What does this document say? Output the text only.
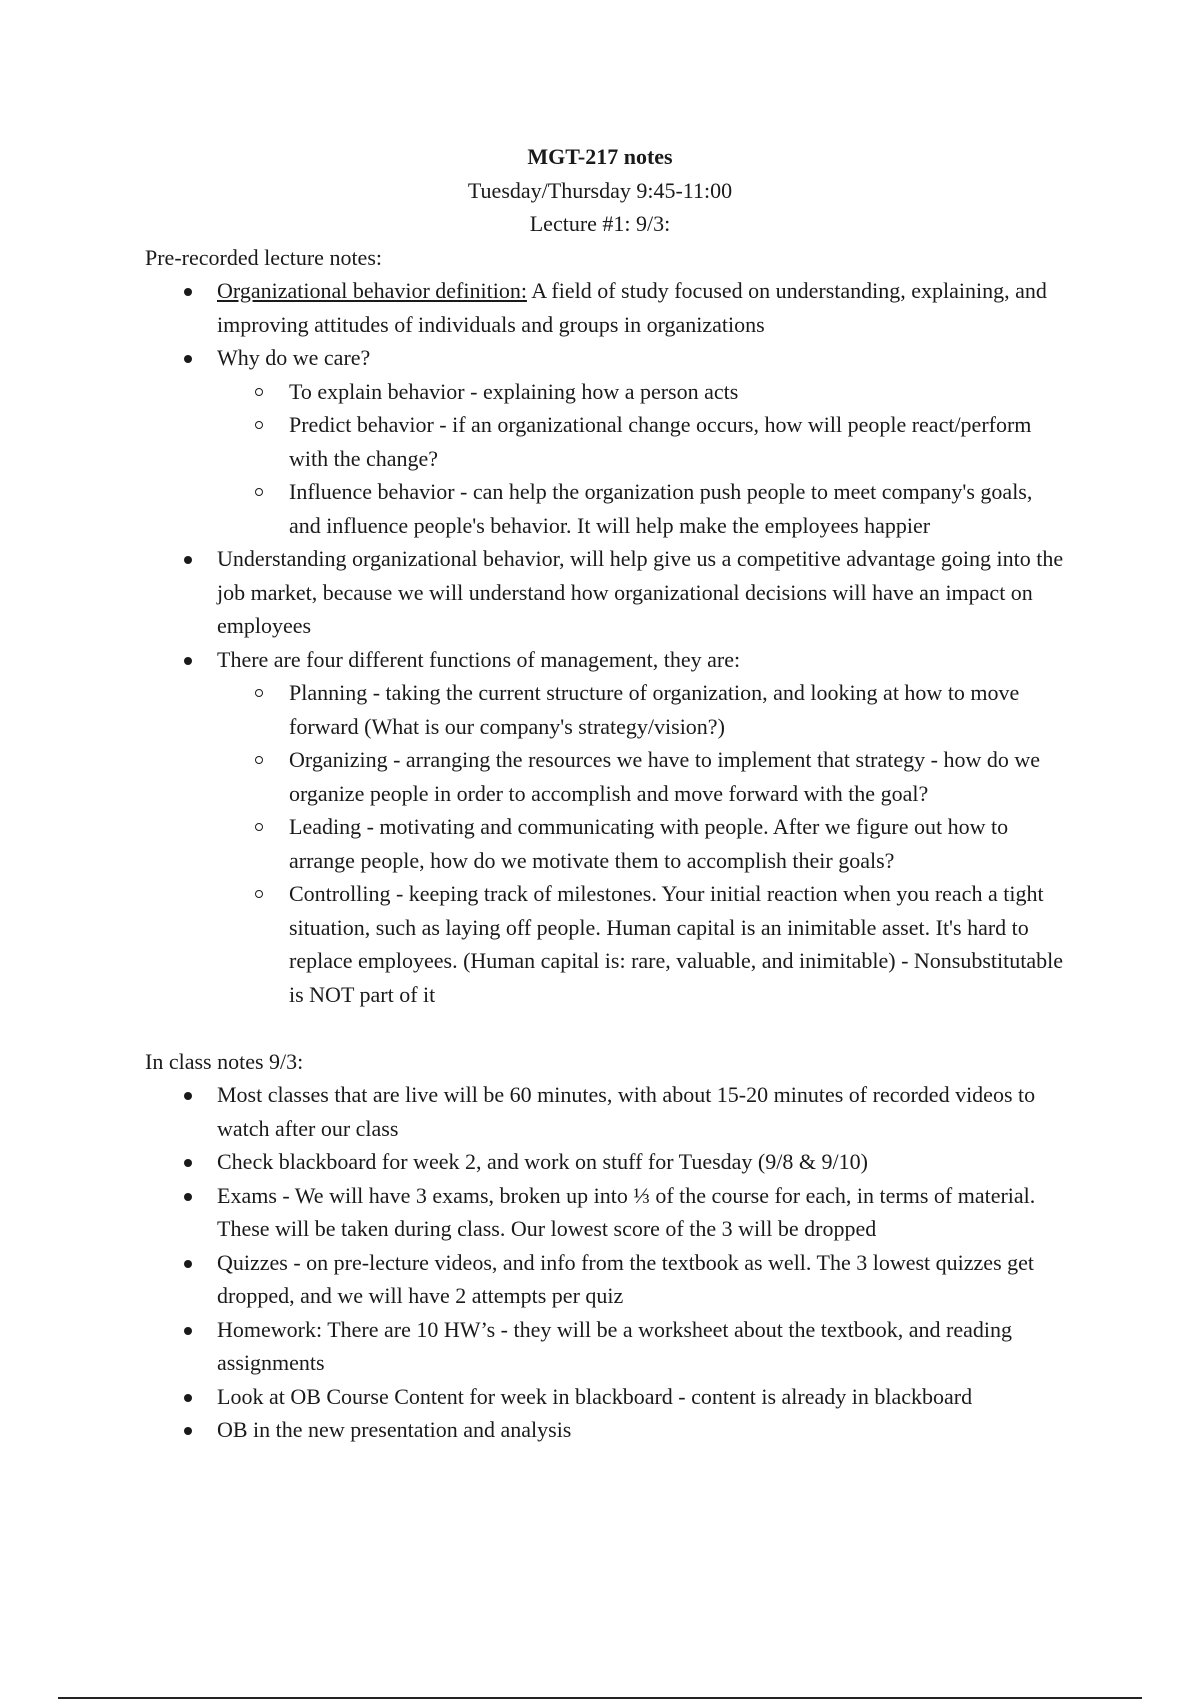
MGT-217 notes
Tuesday/Thursday 9:45-11:00
Lecture #1: 9/3:
Pre-recorded lecture notes:
Organizational behavior definition: A field of study focused on understanding, explaining, and improving attitudes of individuals and groups in organizations
Why do we care?
To explain behavior - explaining how a person acts
Predict behavior - if an organizational change occurs, how will people react/perform with the change?
Influence behavior - can help the organization push people to meet company's goals, and influence people's behavior. It will help make the employees happier
Understanding organizational behavior, will help give us a competitive advantage going into the job market, because we will understand how organizational decisions will have an impact on employees
There are four different functions of management, they are:
Planning - taking the current structure of organization, and looking at how to move forward (What is our company's strategy/vision?)
Organizing - arranging the resources we have to implement that strategy - how do we organize people in order to accomplish and move forward with the goal?
Leading - motivating and communicating with people. After we figure out how to arrange people, how do we motivate them to accomplish their goals?
Controlling - keeping track of milestones. Your initial reaction when you reach a tight situation, such as laying off people. Human capital is an inimitable asset. It's hard to replace employees. (Human capital is: rare, valuable, and inimitable) - Nonsubstitutable is NOT part of it
In class notes 9/3:
Most classes that are live will be 60 minutes, with about 15-20 minutes of recorded videos to watch after our class
Check blackboard for week 2, and work on stuff for Tuesday (9/8 & 9/10)
Exams - We will have 3 exams, broken up into ⅓ of the course for each, in terms of material. These will be taken during class. Our lowest score of the 3 will be dropped
Quizzes - on pre-lecture videos, and info from the textbook as well. The 3 lowest quizzes get dropped, and we will have 2 attempts per quiz
Homework: There are 10 HW’s - they will be a worksheet about the textbook, and reading assignments
Look at OB Course Content for week in blackboard - content is already in blackboard
OB in the new presentation and analysis
